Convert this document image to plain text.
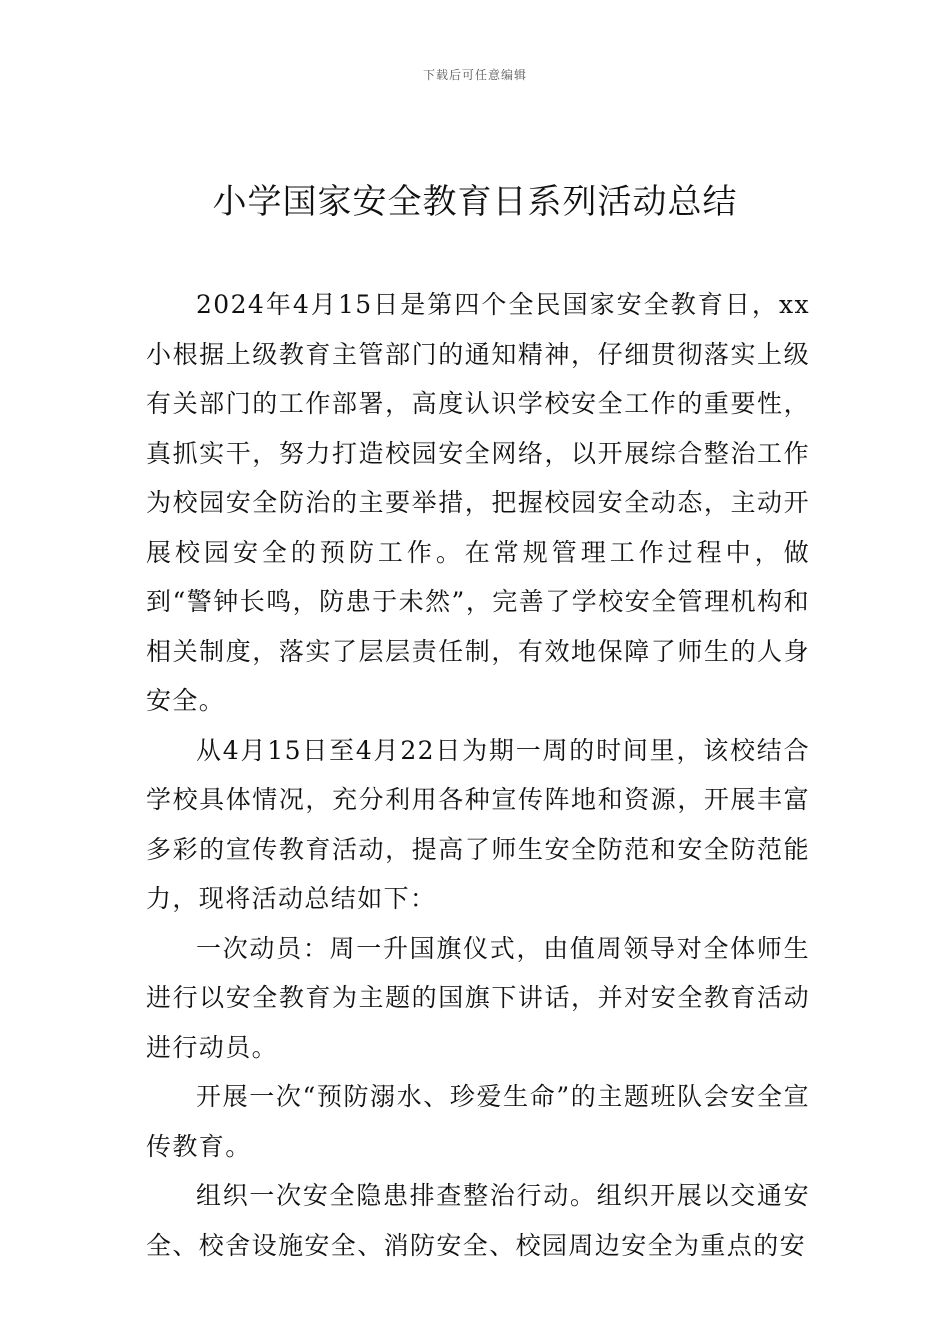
下载后可任意编辑
小学国家安全教育日系列活动总结

2024年4月15日是第四个全民国家安全教育日，xx小根据上级教育主管部门的通知精神，仔细贯彻落实上级有关部门的工作部署，高度认识学校安全工作的重要性，真抓实干，努力打造校园安全网络，以开展综合整治工作为校园安全防治的主要举措，把握校园安全动态，主动开展校园安全的预防工作。在常规管理工作过程中，做到“警钟长鸣，防患于未然”，完善了学校安全管理机构和相关制度，落实了层层责任制，有效地保障了师生的人身安全。

从4月15日至4月22日为期一周的时间里，该校结合学校具体情况，充分利用各种宣传阵地和资源，开展丰富多彩的宣传教育活动，提高了师生安全防范和安全防范能力，现将活动总结如下：

一次动员：周一升国旗仪式，由值周领导对全体师生进行以安全教育为主题的国旗下讲话，并对安全教育活动进行动员。

开展一次“预防溺水、珍爱生命”的主题班队会安全宣传教育。

组织一次安全隐患排查整治行动。组织开展以交通安全、校舍设施安全、消防安全、校园周边安全为重点的安
